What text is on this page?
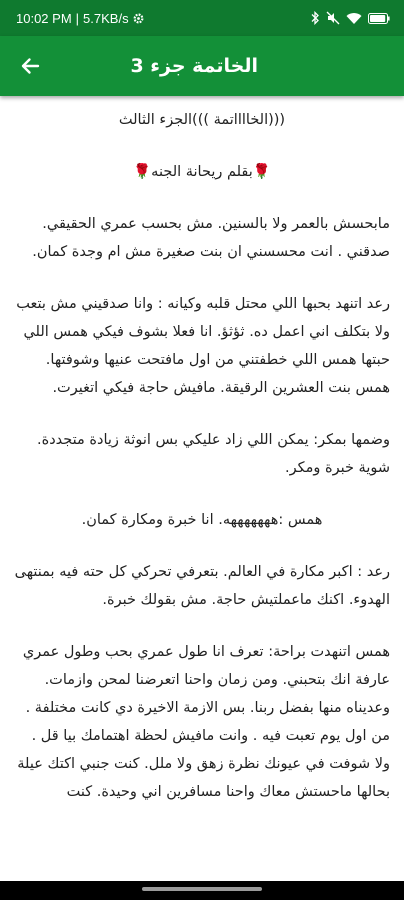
10:02 PM | 5.7KB/s
الخاتمة جزء 3

(((الخااااتمة )))الجزء الثالث

🌹بقلم ريحانة الجنه🌹

مابحسش بالعمر ولا بالسنين. مش بحسب عمري الحقيقي. صدقني . انت محسسني ان بنت صغيرة مش ام وجدة كمان.

رعد اتنهد بحبها اللي محتل قلبه وكيانه : وانا صدقيني مش بتعب ولا بتكلف اني اعمل ده. ثؤثؤ. انا فعلا بشوف فيكي همس اللي حبتها همس اللي خطفتني من اول مافتحت عنيها وشوفتها. همس بنت العشرين الرقيقة. مافيش حاجة فيكي اتغيرت.

وضمها بمكر: يمكن اللي زاد عليكي بس انوثة زيادة متجددة. شوية خبرة ومكر.

همس :هههههههه. انا خبرة ومكارة كمان.

رعد : اكبر مكارة في العالم. بتعرفي تحركي كل حته فيه بمنتهى الهدوء. اكنك ماعملتيش حاجة. مش بقولك خبرة.

همس اتنهدت براحة: تعرف انا طول عمري بحب وطول عمري عارفة انك بتحبني. ومن زمان واحنا اتعرضنا لمحن وازمات. وعديناه منها بفضل ربنا. بس الازمة الاخيرة دي كانت مختلفة . من اول يوم تعبت فيه . وانت مافيش لحظة اهتمامك بيا قل . ولا شوفت في عيونك نظرة زهق ولا ملل. كنت جنبي اكتك عيلة بحالها ماحستش معاك واحنا مسافرين اني وحيدة. كنت
